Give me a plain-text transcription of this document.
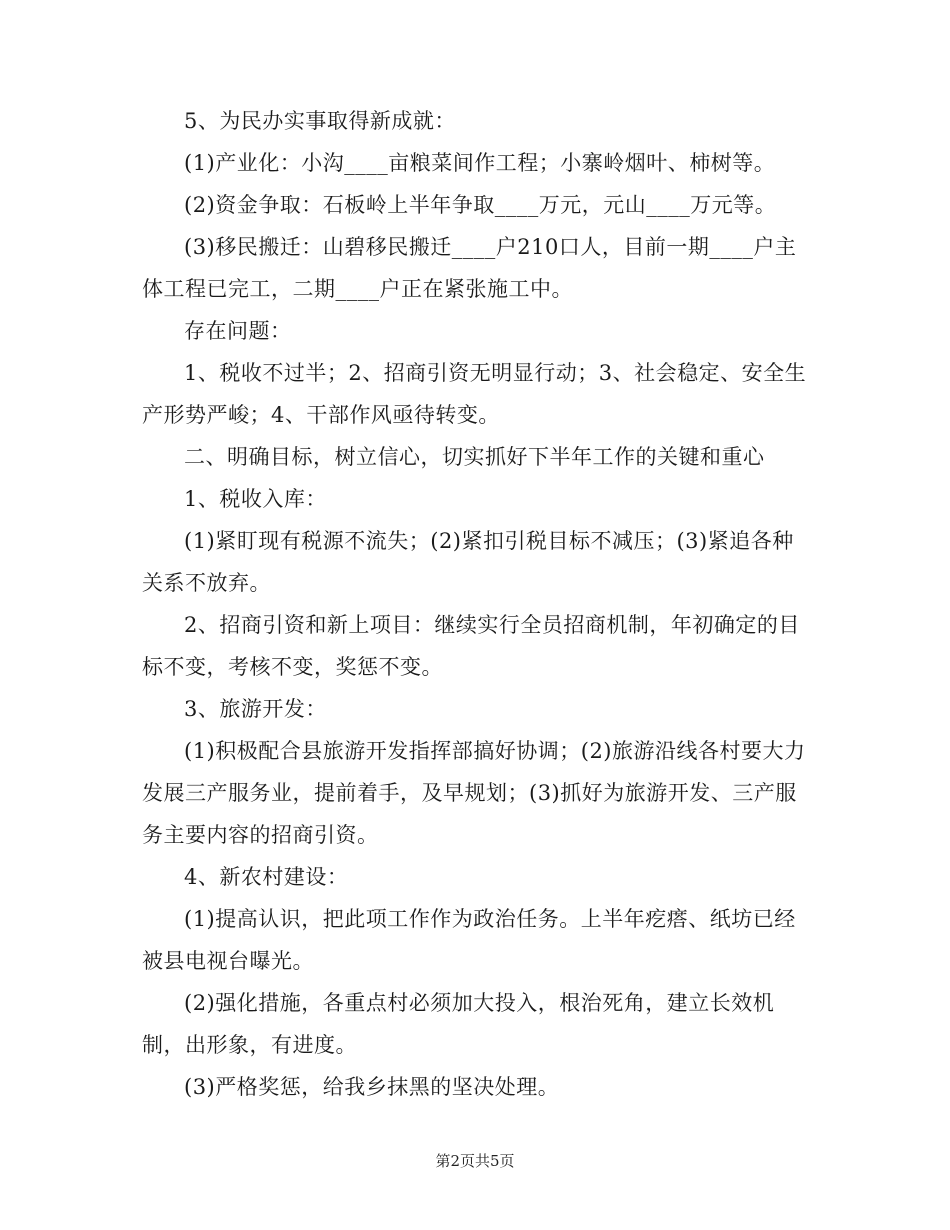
5、为民办实事取得新成就：

(1)产业化：小沟____亩粮菜间作工程；小寨岭烟叶、柿树等。

(2)资金争取：石板岭上半年争取____万元，元山____万元等。

(3)移民搬迁：山碧移民搬迁____户210口人，目前一期____户主体工程已完工，二期____户正在紧张施工中。

存在问题：

1、税收不过半；2、招商引资无明显行动；3、社会稳定、安全生产形势严峻；4、干部作风亟待转变。

二、明确目标，树立信心，切实抓好下半年工作的关键和重心

1、税收入库：

(1)紧盯现有税源不流失；(2)紧扣引税目标不减压；(3)紧追各种关系不放弃。

2、招商引资和新上项目：继续实行全员招商机制，年初确定的目标不变，考核不变，奖惩不变。

3、旅游开发：

(1)积极配合县旅游开发指挥部搞好协调；(2)旅游沿线各村要大力发展三产服务业，提前着手，及早规划；(3)抓好为旅游开发、三产服务主要内容的招商引资。

4、新农村建设：

(1)提高认识，把此项工作作为政治任务。上半年疙瘩、纸坊已经被县电视台曝光。

(2)强化措施，各重点村必须加大投入，根治死角，建立长效机制，出形象，有进度。

(3)严格奖惩，给我乡抹黑的坚决处理。

第2页共5页
